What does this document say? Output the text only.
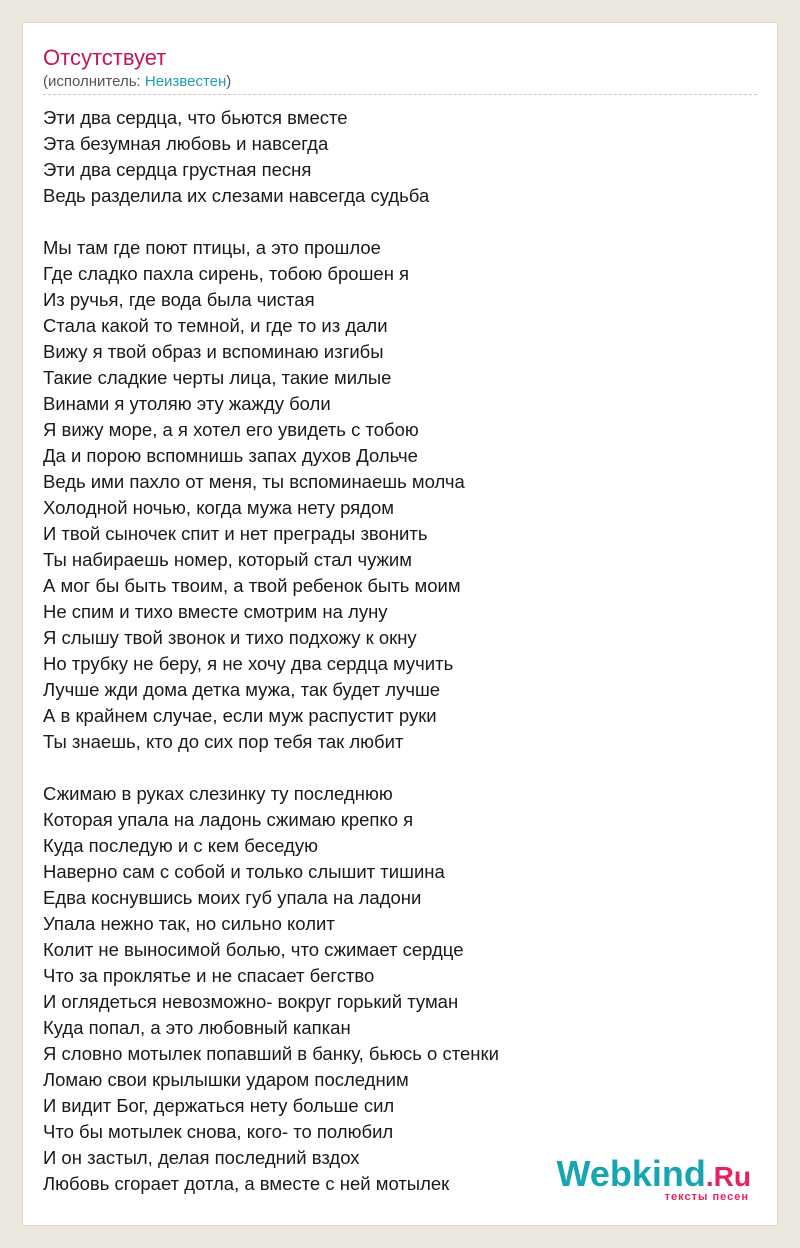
Отсутствует
(исполнитель: Неизвестен)
Эти два сердца, что бьются вместе
Эта безумная любовь и навсегда
Эти два сердца грустная песня
Ведь разделила их слезами навсегда судьба
Мы там где поют птицы, а это прошлое
Где сладко пахла сирень, тобою брошен я
Из ручья, где вода была чистая
Стала какой то темной, и где то из дали
Вижу я твой образ и вспоминаю изгибы
Такие сладкие черты лица, такие милые
Винами я утоляю эту жажду боли
Я вижу море, а я хотел его увидеть с тобою
Да и порою вспомнишь запах духов Дольче
Ведь ими пахло от меня, ты вспоминаешь молча
Холодной ночью, когда мужа нету рядом
И твой сыночек спит и нет преграды звонить
Ты набираешь номер, который стал чужим
А мог бы быть твоим, а твой ребенок быть моим
Не спим и тихо вместе смотрим на луну
Я слышу твой звонок и тихо подхожу к окну
Но трубку не беру, я не хочу два сердца мучить
Лучше жди дома детка мужа, так будет лучше
А в крайнем случае, если муж распустит руки
Ты знаешь, кто до сих пор тебя так любит
Сжимаю в руках слезинку ту последнюю
Которая упала на ладонь сжимаю крепко я
Куда последую и с кем беседую
Наверно сам с собой и только слышит тишина
Едва коснувшись моих губ упала на ладони
Упала нежно так, но сильно колит
Колит не выносимой болью, что сжимает сердце
Что за проклятье и не спасает бегство
И оглядеться невозможно- вокруг горький туман
Куда попал, а это любовный капкан
Я словно мотылек попавший в банку, бьюсь о стенки
Ломаю свои крылышки ударом последним
И видит Бог, держаться нету больше сил
Что бы мотылек снова, кого- то полюбил
И он застыл, делая последний вздох
Любовь сгорает дотла, а вместе с ней мотылек	Webkind.Ru
тексты песен
